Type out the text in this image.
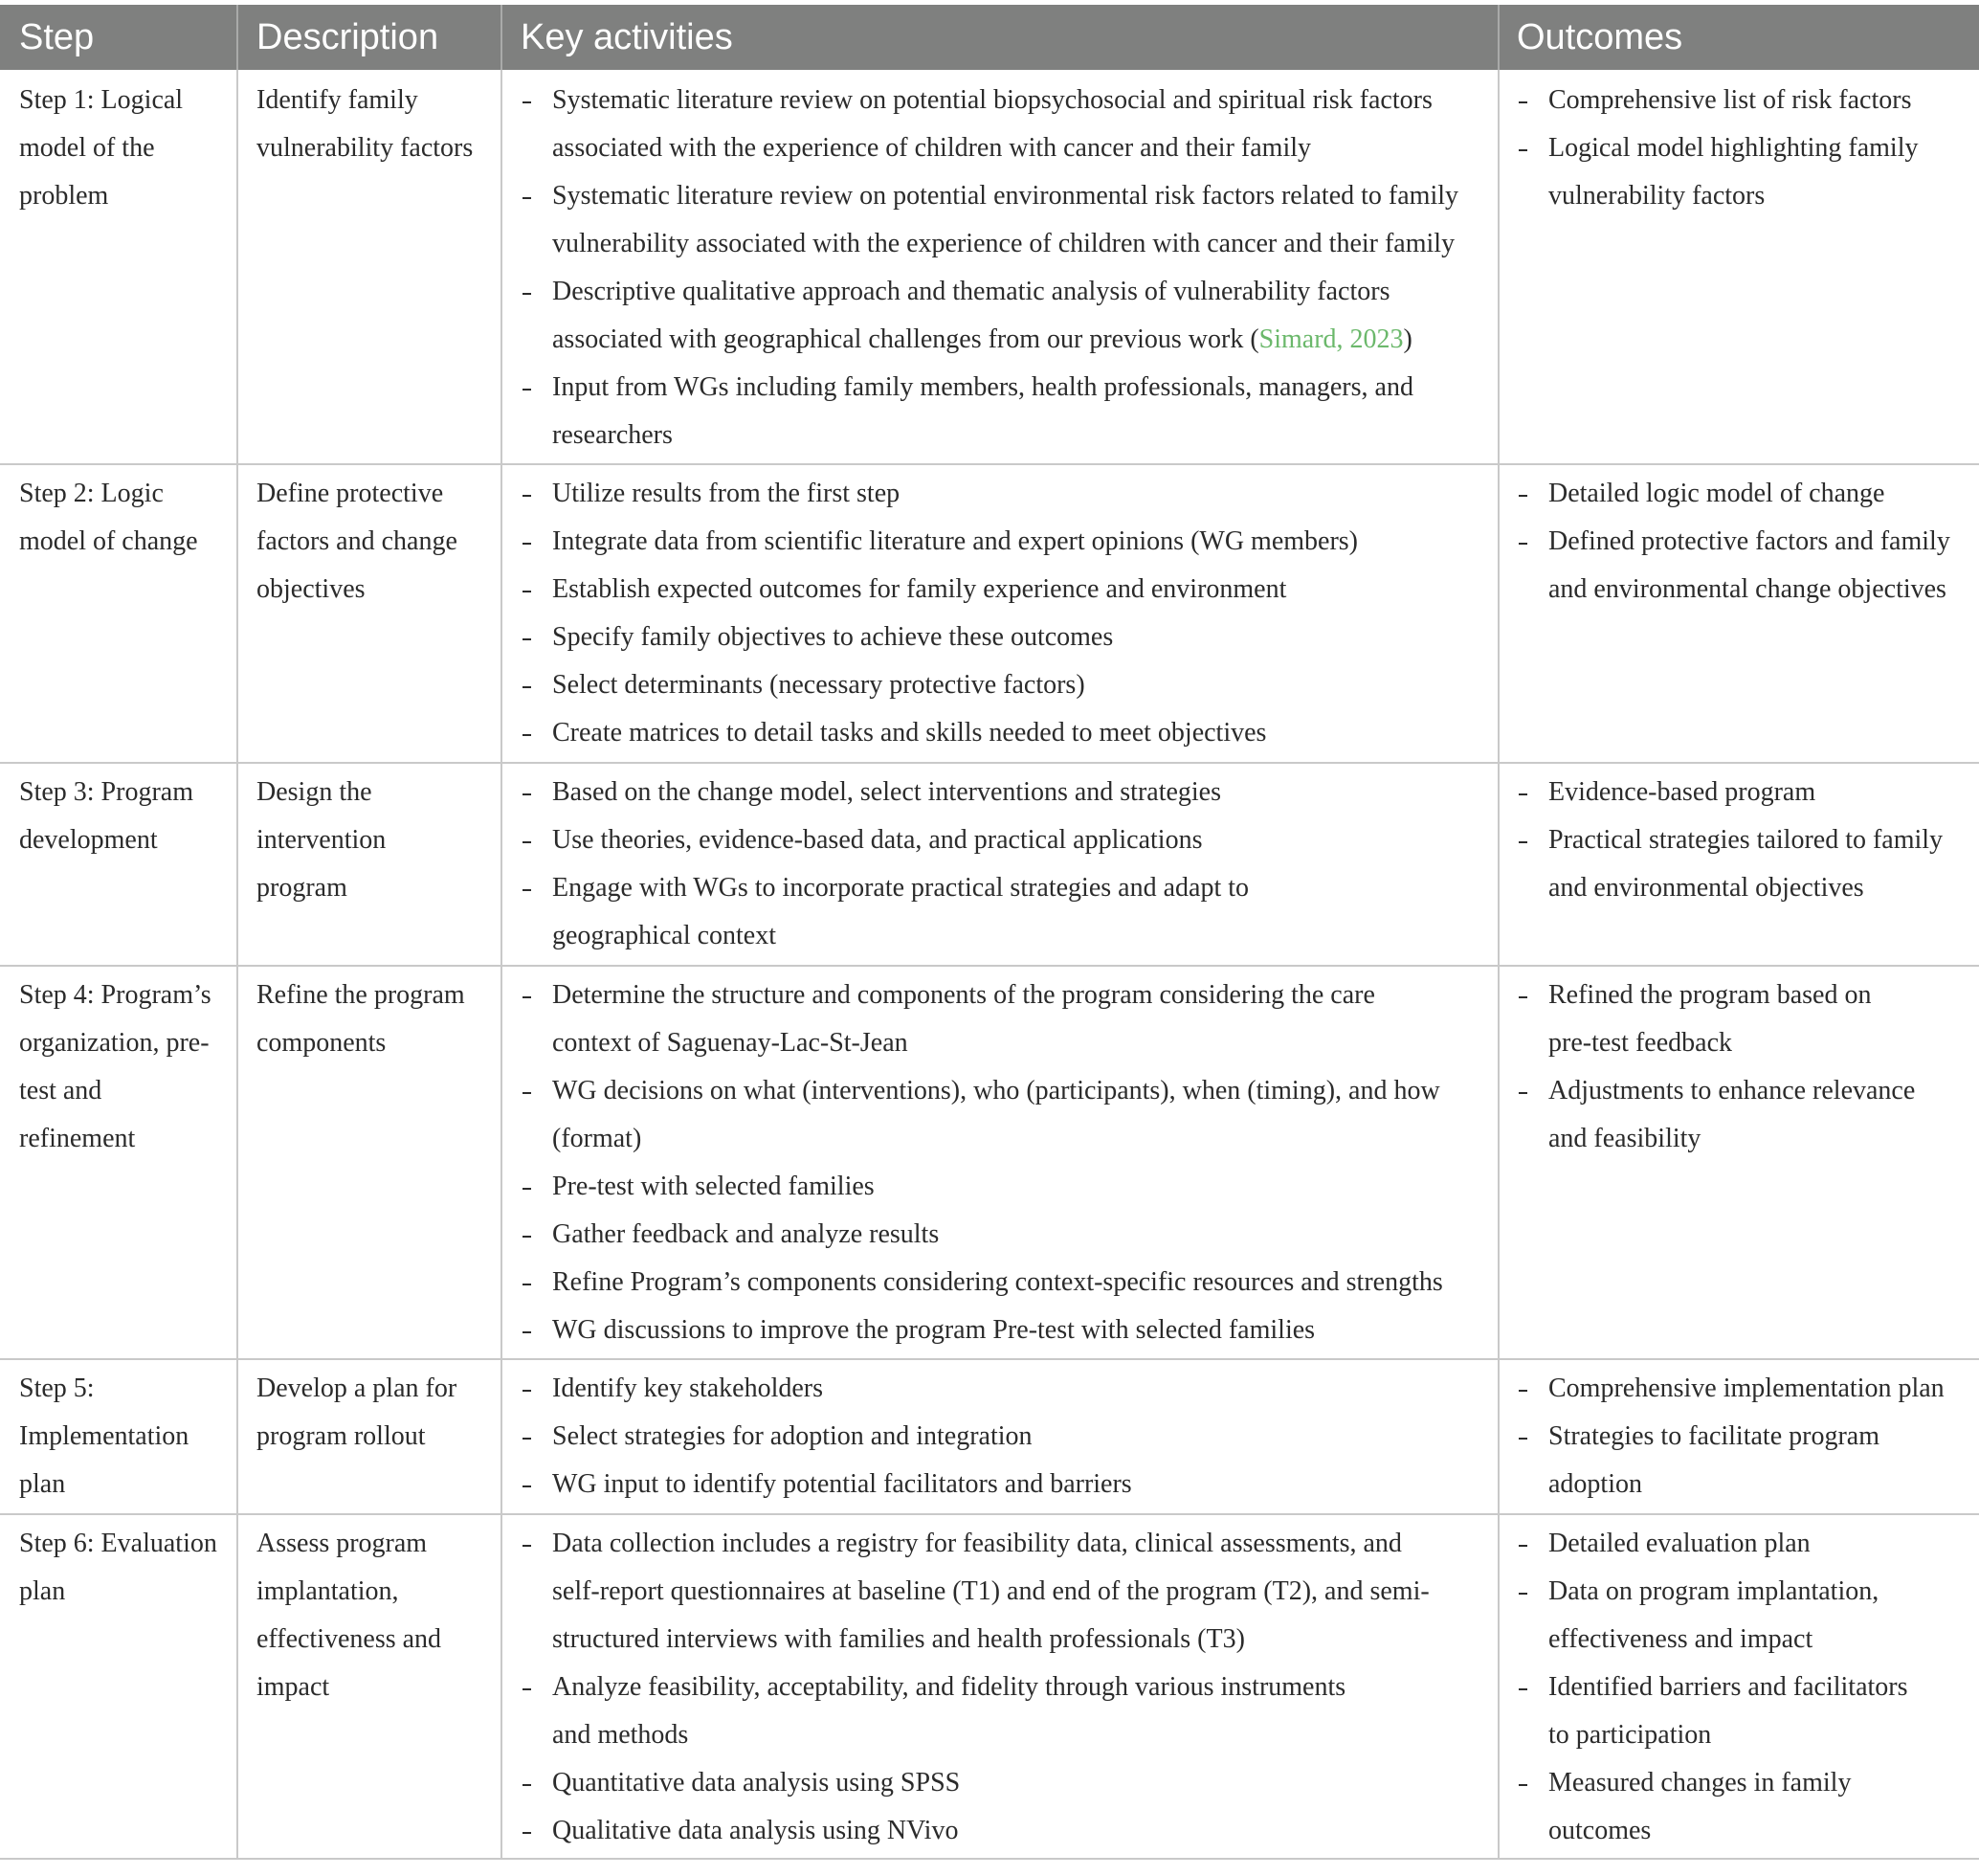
Step	Description Key activities	Outcomes
Step 1: Logical
model of the
problem
Identify family
vulnerability factors
Systematic literature review on potential biopsychosocial and spiritual risk factors
associated with the experience of children with cancer and their family
Systematic literature review on potential environmental risk factors related to family
vulnerability associated with the experience of children with cancer and their family
Descriptive qualitative approach and thematic analysis of vulnerability factors
associated with geographical challenges from our previous work (Simard, 2023)
Input from WGs including family members, health professionals, managers, and
researchers
Comprehensive list of risk factors
Logical model highlighting family
vulnerability factors
Step 2: Logic
model of change
Define protective
factors and change
objectives
Utilize results from the first step
Integrate data from scientific literature and expert opinions (WG members)
Establish expected outcomes for family experience and environment
Specify family objectives to achieve these outcomes
Select determinants (necessary protective factors)
Create matrices to detail tasks and skills needed to meet objectives
Detailed logic model of change
Defined protective factors and family
and environmental change objectives
Step 3: Program
development
Design the
intervention
program
Based on the change model, select interventions and strategies
Use theories, evidence-based data, and practical applications
Engage with WGs to incorporate practical strategies and adapt to
geographical context
Evidence-based program
Practical strategies tailored to family
and environmental objectives
Step 4: Program’s
organization, pre-
test and
refinement
Refine the program
components
Determine the structure and components of the program considering the care
context of Saguenay-Lac-St-Jean
WG decisions on what (interventions), who (participants), when (timing), and how
(format)
Pre-test with selected families
Gather feedback and analyze results
Refine Program’s components considering context-specific resources and strengths
WG discussions to improve the program Pre-test with selected families
Refined the program based on
pre-test feedback
Adjustments to enhance relevance
and feasibility
Step 5:
Implementation
plan
Develop a plan for
program rollout
Identify key stakeholders
Select strategies for adoption and integration
WG input to identify potential facilitators and barriers
Comprehensive implementation plan
Strategies to facilitate program
adoption
Step 6: Evaluation
plan
Assess program
implantation,
effectiveness and
impact
Data collection includes a registry for feasibility data, clinical assessments, and
self-report questionnaires at baseline (T1) and end of the program (T2), and semi-
structured interviews with families and health professionals (T3)
Analyze feasibility, acceptability, and fidelity through various instruments
and methods
Quantitative data analysis using SPSS
Qualitative data analysis using NVivo
Detailed evaluation plan
Data on program implantation,
effectiveness and impact
Identified barriers and facilitators
to participation
Measured changes in family
outcomes
